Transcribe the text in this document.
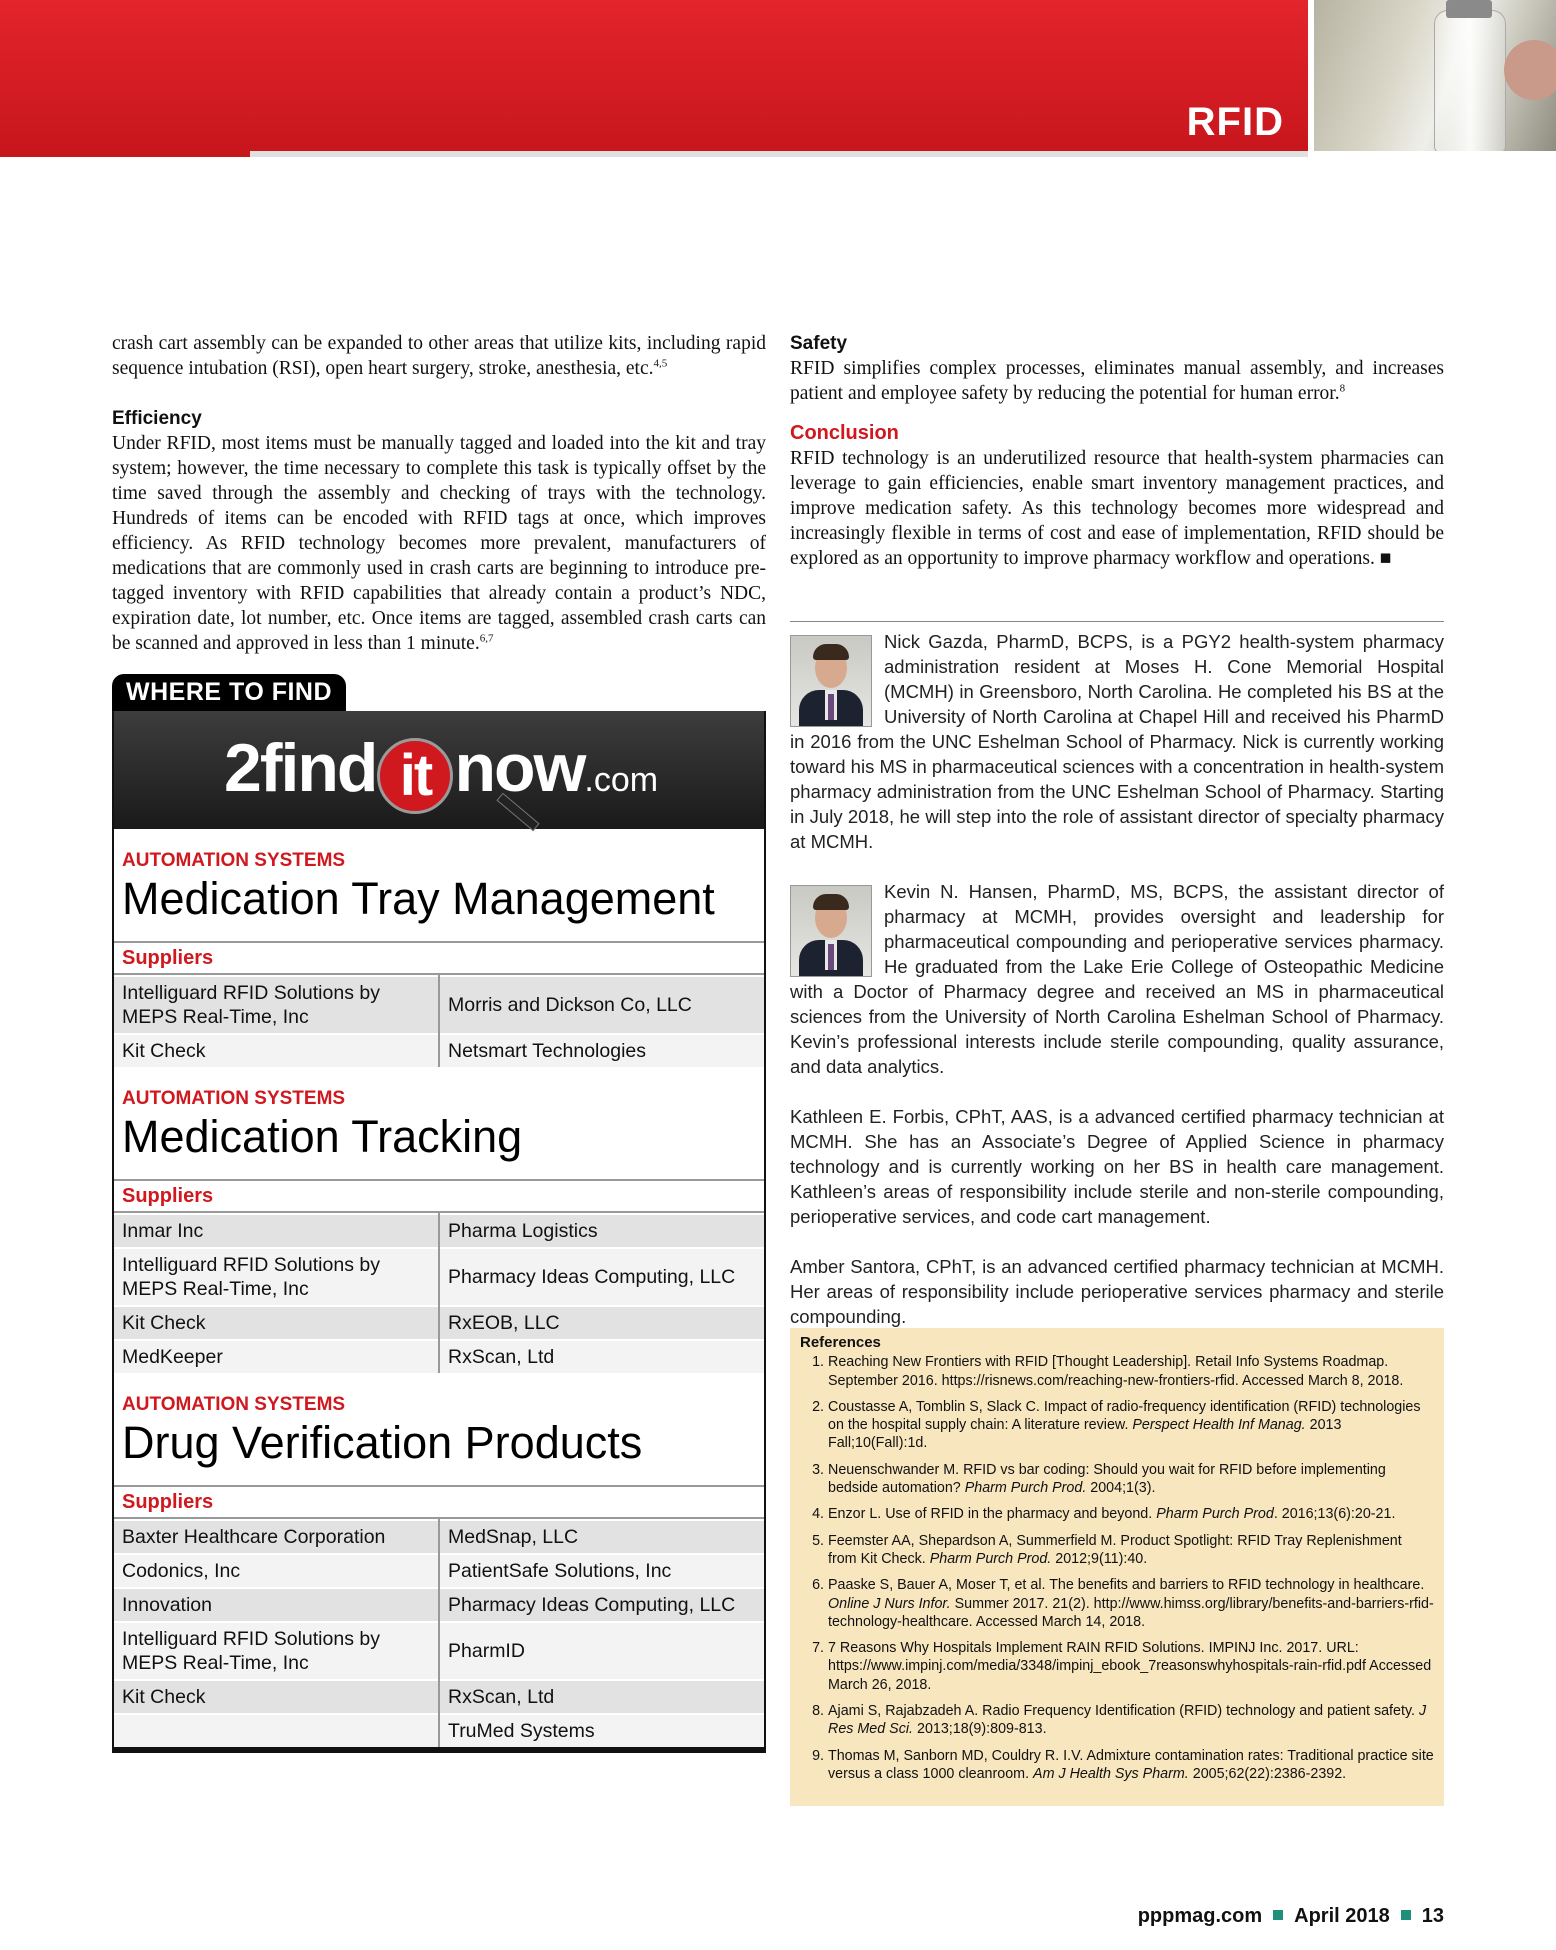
RFID

crash cart assembly can be expanded to other areas that utilize kits, including rapid sequence intubation (RSI), open heart surgery, stroke, anesthesia, etc.$^{4,5}$

Efficiency

Under RFID, most items must be manually tagged and loaded into the kit and tray system; however, the time necessary to complete this task is typically offset by the time saved through the assembly and checking of trays with the technology. Hundreds of items can be encoded with RFID tags at once, which improves efficiency. As RFID technology becomes more prevalent, manufacturers of medications that are commonly used in crash carts are beginning to introduce pre-tagged inventory with RFID capabilities that already contain a product’s NDC, expiration date, lot number, etc. Once items are tagged, assembled crash carts can be scanned and approved in less than 1 minute.$^{6,7}$

WHERE TO FIND
2find it now.com
AUTOMATION SYSTEMS
Medication Tray Management
Suppliers
Intelliguard RFID Solutions by MEPS Real-Time, Inc	Morris and Dickson Co, LLC
Kit Check	Netsmart Technologies
AUTOMATION SYSTEMS
Medication Tracking
Suppliers
Inmar Inc	Pharma Logistics
Intelliguard RFID Solutions by MEPS Real-Time, Inc	Pharmacy Ideas Computing, LLC
Kit Check	RxEOB, LLC
MedKeeper	RxScan, Ltd
AUTOMATION SYSTEMS
Drug Verification Products
Suppliers
Baxter Healthcare Corporation	MedSnap, LLC
Codonics, Inc	PatientSafe Solutions, Inc
Innovation	Pharmacy Ideas Computing, LLC
Intelliguard RFID Solutions by MEPS Real-Time, Inc	PharmID
Kit Check	RxScan, Ltd
	TruMed Systems
Safety

RFID simplifies complex processes, eliminates manual assembly, and increases patient and employee safety by reducing the potential for human error.$^8$

Conclusion

RFID technology is an underutilized resource that health-system pharmacies can leverage to gain efficiencies, enable smart inventory management practices, and improve medication safety. As this technology becomes more widespread and increasingly flexible in terms of cost and ease of implementation, RFID should be explored as an opportunity to improve pharmacy workflow and operations. ■

Nick Gazda, PharmD, BCPS, is a PGY2 health-system pharmacy administration resident at Moses H. Cone Memorial Hospital (MCMH) in Greensboro, North Carolina. He completed his BS at the University of North Carolina at Chapel Hill and received his PharmD in 2016 from the UNC Eshelman School of Pharmacy. Nick is currently working toward his MS in pharmaceutical sciences with a concentration in health-system pharmacy administration from the UNC Eshelman School of Pharmacy. Starting in July 2018, he will step into the role of assistant director of specialty pharmacy at MCMH.
Kevin N. Hansen, PharmD, MS, BCPS, the assistant director of pharmacy at MCMH, provides oversight and leadership for pharmaceutical compounding and perioperative services pharmacy. He graduated from the Lake Erie College of Osteopathic Medicine with a Doctor of Pharmacy degree and received an MS in pharmaceutical sciences from the University of North Carolina Eshelman School of Pharmacy. Kevin’s professional interests include sterile compounding, quality assurance, and data analytics.
Kathleen E. Forbis, CPhT, AAS, is a advanced certified pharmacy technician at MCMH. She has an Associate’s Degree of Applied Science in pharmacy technology and is currently working on her BS in health care management. Kathleen’s areas of responsibility include sterile and non-sterile compounding, perioperative services, and code cart management.
Amber Santora, CPhT, is an advanced certified pharmacy technician at MCMH. Her areas of responsibility include perioperative services pharmacy and sterile compounding.
References
1. Reaching New Frontiers with RFID [Thought Leadership]. Retail Info Systems Roadmap. September 2016. https://risnews.com/reaching-new-frontiers-rfid. Accessed March 8, 2018.
2. Coustasse A, Tomblin S, Slack C. Impact of radio-frequency identification (RFID) technologies on the hospital supply chain: A literature review. Perspect Health Inf Manag. 2013 Fall;10(Fall):1d.
3. Neuenschwander M. RFID vs bar coding: Should you wait for RFID before implementing bedside automation? Pharm Purch Prod. 2004;1(3).
4. Enzor L. Use of RFID in the pharmacy and beyond. Pharm Purch Prod. 2016;13(6):20-21.
5. Feemster AA, Shepardson A, Summerfield M. Product Spotlight: RFID Tray Replenishment from Kit Check. Pharm Purch Prod. 2012;9(11):40.
6. Paaske S, Bauer A, Moser T, et al. The benefits and barriers to RFID technology in healthcare. Online J Nurs Infor. Summer 2017. 21(2). http://www.himss.org/library/benefits-and-barriers-rfid-technology-healthcare. Accessed March 14, 2018.
7. 7 Reasons Why Hospitals Implement RAIN RFID Solutions. IMPINJ Inc. 2017. URL: https://www.impinj.com/media/3348/impinj_ebook_7reasonswhyhospitals-rain-rfid.pdf Accessed March 26, 2018.
8. Ajami S, Rajabzadeh A. Radio Frequency Identification (RFID) technology and patient safety. J Res Med Sci. 2013;18(9):809-813.
9. Thomas M, Sanborn MD, Couldry R. I.V. Admixture contamination rates: Traditional practice site versus a class 1000 cleanroom. Am J Health Sys Pharm. 2005;62(22):2386-2392.
pppmag.com April 2018 13
